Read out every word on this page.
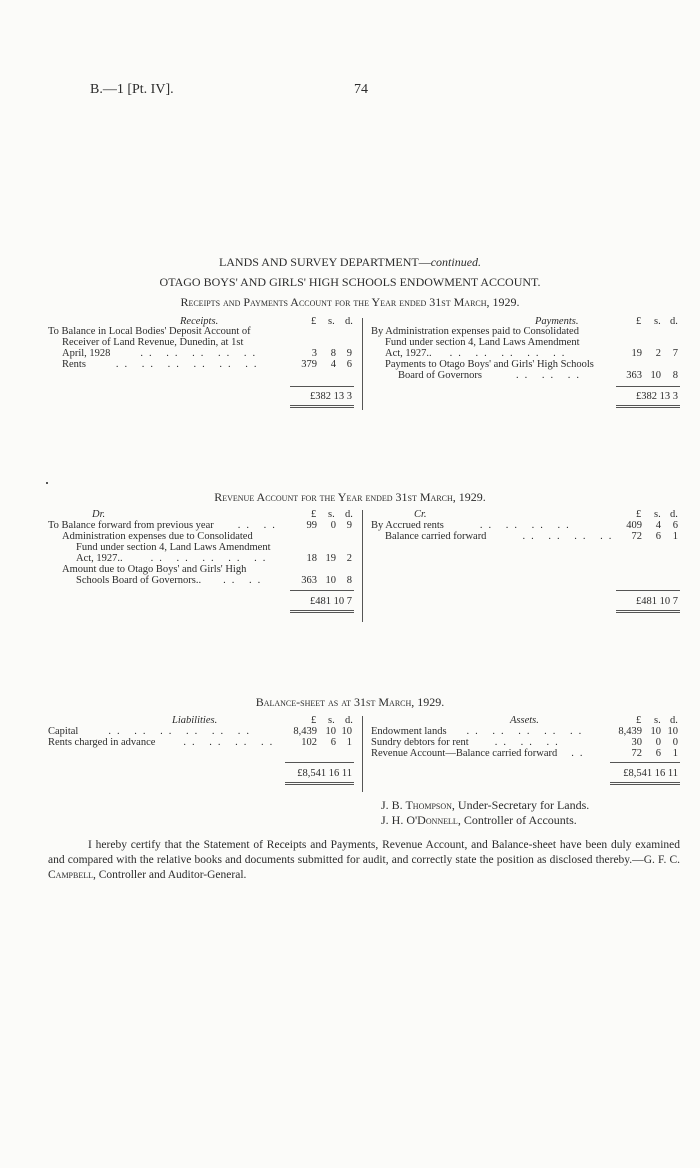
B.—1 [Pt. IV].	74
LANDS AND SURVEY DEPARTMENT—continued.
OTAGO BOYS' AND GIRLS' HIGH SCHOOLS ENDOWMENT ACCOUNT.
Receipts and Payments Account for the Year ended 31st March, 1929.
Receipts.	£ s. d.	Payments.	£ s. d.
To Balance in Local Bodies' Deposit Account of
Receiver of Land Revenue, Dunedin, at 1st
April, 1928	.. .. .. .. ..	3	8	9
Rents	.. .. .. .. .. ..	379	4	6
£382 13 3
By Administration expenses paid to Consolidated
Fund under section 4, Land Laws Amendment
Act, 1927.. .. .. .. .. ..	19	2	7
Payments to Otago Boys' and Girls' High Schools
Board of Governors	.. .. ..	363 10	8
£382 13 3
Revenue Account for the Year ended 31st March, 1929.
Dr.	£ s. d.	Cr.	£ s. d.
To Balance forward from previous year .. ..	99	0	9
Administration expenses due to Consolidated
Fund under section 4, Land Laws Amendment
Act, 1927..	.. .. .. .. ..	18 19	2
Amount due to Otago Boys' and Girls' High
Schools Board of Governors.. .. ..	363 10	8
£481 10 7
By Accrued rents	.. .. .. ..	409	4	6
Balance carried forward	.. .. .. ..	72	6	1
£481 10 7
Balance-sheet as at 31st March, 1929.
Liabilities.	£ s. d.	Assets.	£ s. d.
Capital	.. .. .. .. .. ..	8,439 10 10
Rents charged in advance	.. .. .. ..	102	6	1
£8,541 16 11
Endowment lands .. .. .. .. ..	8,439 10 10
Sundry debtors for rent .. .. ..	30	0	0
Revenue Account—Balance carried forward ..	72	6	1
£8,541 16 11
J. B. Thompson, Under-Secretary for Lands.
J. H. O'Donnell, Controller of Accounts.
I hereby certify that the Statement of Receipts and Payments, Revenue Account, and Balance-sheet have been duly examined and compared with the relative books and documents submitted for audit, and correctly state the position as disclosed thereby.—G. F. C. Campbell, Controller and Auditor-General.
